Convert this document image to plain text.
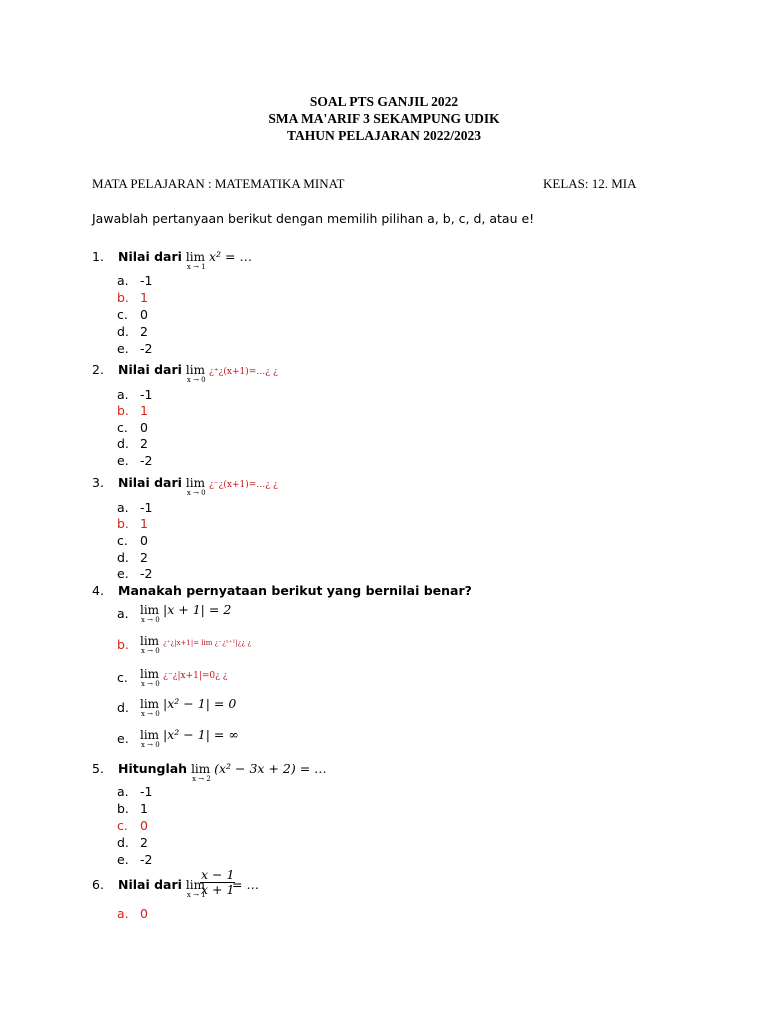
SOAL PTS GANJIL 2022
SMA MA'ARIF 3 SEKAMPUNG UDIK
TAHUN PELAJARAN 2022/2023
MATA PELAJARAN : MATEMATIKA MINAT	KELAS: 12. MIA
Jawablah pertanyaan berikut dengan memilih pilihan a, b, c, d, atau e!
1. Nilai dari lim
x → 1
x² = …
a. -1
b. 1
c. 0
d. 2
e. -2
2. Nilai dari lim
x → 0
¿⁺¿(x+1)=…¿ ¿
a. -1
b. 1
c. 0
d. 2
e. -2
3. Nilai dari lim
x → 0
¿⁻¿(x+1)=…¿ ¿
a. -1
b. 1
c. 0
d. 2
e. -2
4. Manakah pernyataan berikut yang bernilai benar?
a. lim
x → 0
|x + 1| = 2
b. lim
x → 0
¿⁺¿|x+1|= lim ¿⁻¿ˣ⁺¹|¿¿ ¿
c. lim
x → 0
¿⁻¿|x+1|=0¿ ¿
d. lim
x → 0
|x² − 1| = 0
e. lim
x → 0
|x² − 1| = ∞
5. Hitunglah lim
x → 2
(x² − 3x + 2) = …
a. -1
b. 1
c. 0
d. 2
e. -2
6. Nilai dari lim
x → 1
$\frac{x - 1}{x + 1}$
= …
a. 0
